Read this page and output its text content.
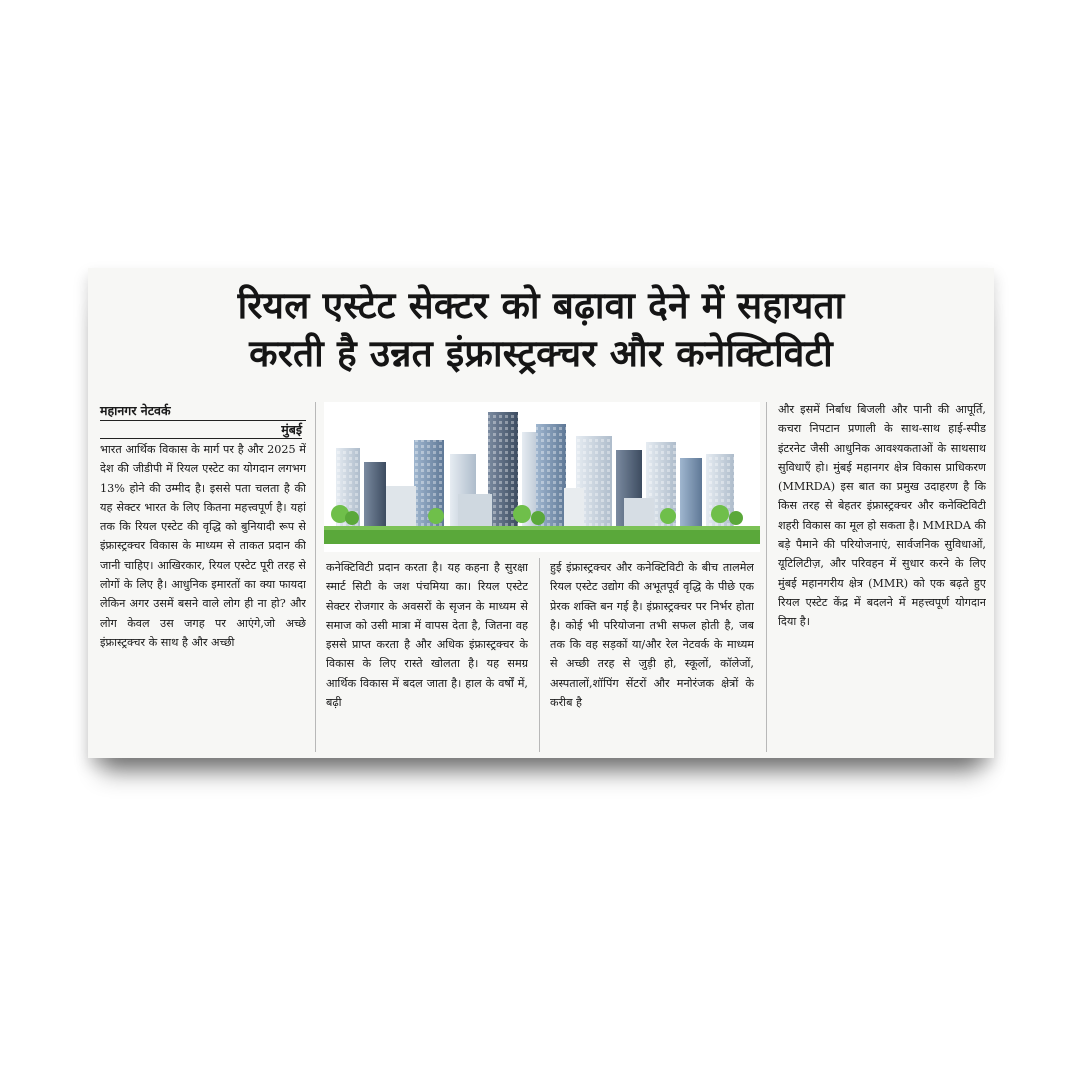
रियल एस्टेट सेक्टर को बढ़ावा देने में सहायता
करती है उन्नत इंफ्रास्ट्रक्चर और कनेक्टिविटी
महानगर नेटवर्क
मुंबई
भारत आर्थिक विकास के मार्ग पर है और 2025 में देश की जीडीपी में रियल एस्टेट का योगदान लगभग 13% होने की उम्मीद है। इससे पता चलता है की यह सेक्टर भारत के लिए कितना महत्त्वपूर्ण है। यहां तक कि रियल एस्टेट की वृद्धि को बुनियादी रूप से इंफ्रास्ट्रक्चर विकास के माध्यम से ताकत प्रदान की जानी चाहिए। आखिरकार, रियल एस्टेट पूरी तरह से लोगों के लिए है। आधुनिक इमारतों का क्या फायदा लेकिन अगर उसमें बसने वाले लोग ही ना हो? और लोग केवल उस जगह पर आएंगे,जो अच्छे इंफ्रास्ट्रक्चर के साथ है और अच्छी
कनेक्टिविटी प्रदान करता है। यह कहना है सुरक्षा स्मार्ट सिटी के जश पंचमिया का। रियल एस्टेट सेक्टर रोजगार के अवसरों के सृजन के माध्यम से समाज को उसी मात्रा में वापस देता है, जितना वह इससे प्राप्त करता है और अधिक इंफ्रास्ट्रक्चर के विकास के लिए रास्ते खोलता है। यह समग्र आर्थिक विकास में बदल जाता है। हाल के वर्षों में, बढ़ी
हुई इंफ्रास्ट्रक्चर और कनेक्टिविटी के बीच तालमेल रियल एस्टेट उद्योग की अभूतपूर्व वृद्धि के पीछे एक प्रेरक शक्ति बन गई है। इंफ्रास्ट्रक्चर पर निर्भर होता है। कोई भी परियोजना तभी सफल होती है, जब तक कि वह सड़कों या/और रेल नेटवर्क के माध्यम से अच्छी तरह से जुड़ी हो, स्कूलों, कॉलेजों, अस्पतालों,शॉपिंग सेंटरों और मनोरंजक क्षेत्रों के करीब है
और इसमें निर्बाध बिजली और पानी की आपूर्ति, कचरा निपटान प्रणाली के साथ-साथ हाई-स्पीड इंटरनेट जैसी आधुनिक आवश्यकताओं के साथसाथ सुविधाएँ हो। मुंबई महानगर क्षेत्र विकास प्राधिकरण (MMRDA) इस बात का प्रमुख उदाहरण है कि किस तरह से बेहतर इंफ्रास्ट्रक्चर और कनेक्टिविटी शहरी विकास का मूल हो सकता है। MMRDA की बड़े पैमाने की परियोजनाएं, सार्वजनिक सुविधाओं, यूटिलिटीज़, और परिवहन में सुधार करने के लिए मुंबई महानगरीय क्षेत्र (MMR) को एक बढ़ते हुए रियल एस्टेट केंद्र में बदलने में महत्त्वपूर्ण योगदान दिया है।
